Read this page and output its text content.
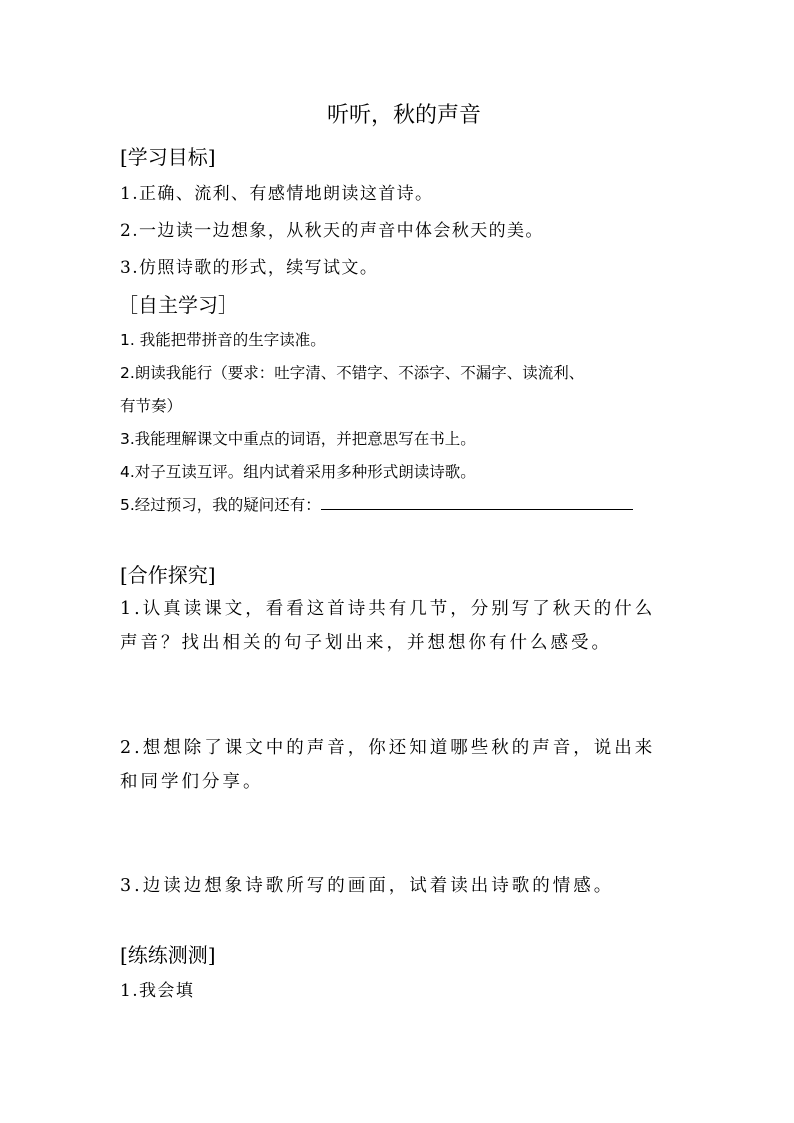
听听，秋的声音
[学习目标]
1.正确、流利、有感情地朗读这首诗。
2.一边读一边想象，从秋天的声音中体会秋天的美。
3.仿照诗歌的形式，续写试文。
［自主学习］
1. 我能把带拼音的生字读准。
2.朗读我能行（要求：吐字清、不错字、不添字、不漏字、读流利、
有节奏）
3.我能理解课文中重点的词语，并把意思写在书上。
4.对子互读互评。组内试着采用多种形式朗读诗歌。
5.经过预习，我的疑问还有：
[合作探究]
1.认真读课文，看看这首诗共有几节，分别写了秋天的什么
声音？找出相关的句子划出来，并想想你有什么感受。
2.想想除了课文中的声音，你还知道哪些秋的声音，说出来
和同学们分享。
3.边读边想象诗歌所写的画面，试着读出诗歌的情感。
[练练测测]
1.我会填
